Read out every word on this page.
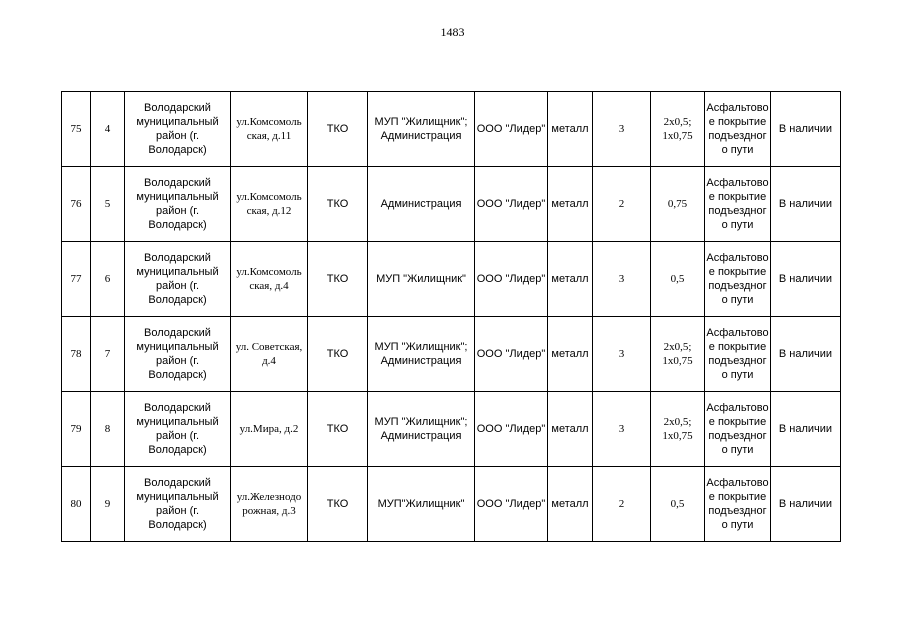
1483
75	4	Володарский муниципальный район (г. Володарск)	ул.Комсомоль ская, д.11	ТКО	МУП "Жилищник"; Администрация	ООО "Лидер"	металл	3	2х0,5; 1х0,75	Асфальтово е покрытие подъездного пути	В наличии
76	5	Володарский муниципальный район (г. Володарск)	ул.Комсомоль ская, д.12	ТКО	Администрация	ООО "Лидер"	металл	2	0,75	Асфальтово е покрытие подъездного пути	В наличии
77	6	Володарский муниципальный район (г. Володарск)	ул.Комсомоль ская, д.4	ТКО	МУП "Жилищник"	ООО "Лидер"	металл	3	0,5	Асфальтово е покрытие подъездного пути	В наличии
78	7	Володарский муниципальный район (г. Володарск)	ул. Советская, д.4	ТКО	МУП "Жилищник"; Администрация	ООО "Лидер"	металл	3	2х0,5; 1х0,75	Асфальтово е покрытие подъездного пути	В наличии
79	8	Володарский муниципальный район (г. Володарск)	ул.Мира, д.2	ТКО	МУП "Жилищник"; Администрация	ООО "Лидер"	металл	3	2х0,5; 1х0,75	Асфальтово е покрытие подъездного пути	В наличии
80	9	Володарский муниципальный район (г. Володарск)	ул.Железнодо рожная, д.3	ТКО	МУП"Жилищник"	ООО "Лидер"	металл	2	0,5	Асфальтово е покрытие подъездного пути	В наличии
